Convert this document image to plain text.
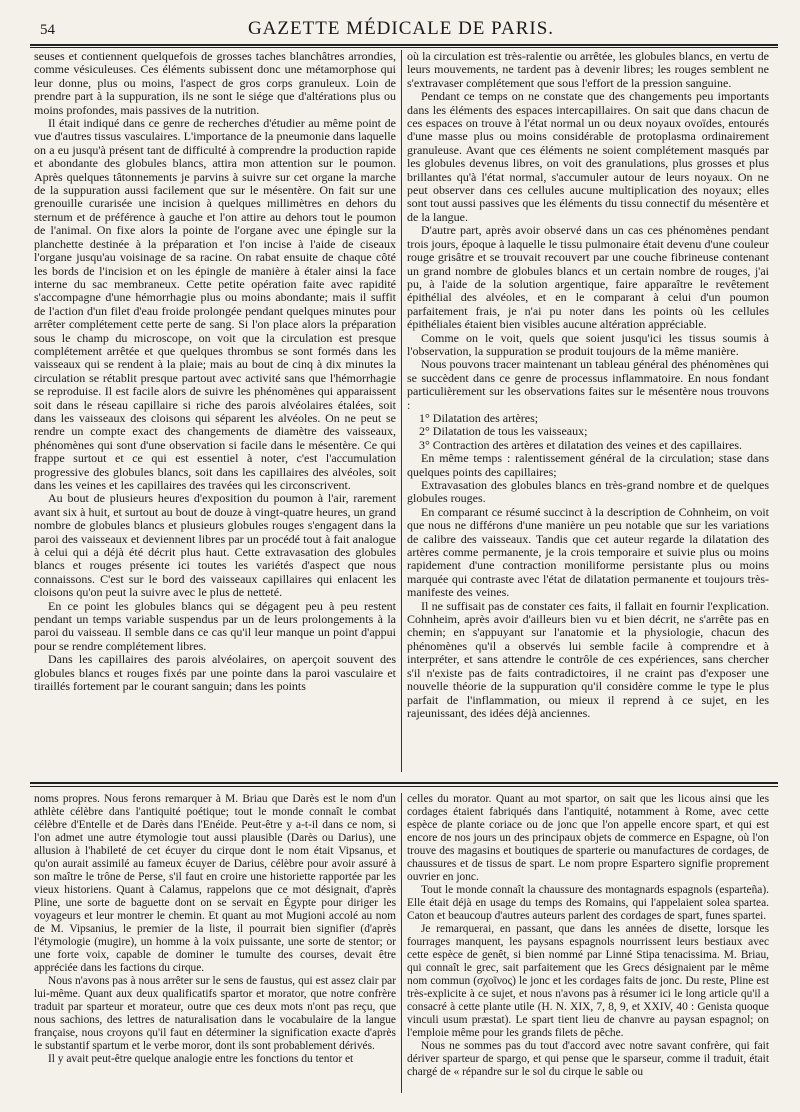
54	GAZETTE MÉDICALE DE PARIS.

seuses et contiennent quelquefois de grosses taches blanchâtres arrondies, comme vésiculeuses. Ces éléments subissent donc une métamorphose qui leur donne, plus ou moins, l'aspect de gros corps granuleux. Loin de prendre part à la suppuration, ils ne sont le siége que d'altérations plus ou moins profondes, mais passives de la nutrition.

Il était indiqué dans ce genre de recherches d'étudier au même point de vue d'autres tissus vasculaires. L'importance de la pneumonie dans laquelle on a eu jusqu'à présent tant de difficulté à comprendre la production rapide et abondante des globules blancs, attira mon attention sur le poumon. Après quelques tâtonnements je parvins à suivre sur cet organe la marche de la suppuration aussi facilement que sur le mésentère. On fait sur une grenouille curarisée une incision à quelques millimètres en dehors du sternum et de préférence à gauche et l'on attire au dehors tout le poumon de l'animal. On fixe alors la pointe de l'organe avec une épingle sur la planchette destinée à la préparation et l'on incise à l'aide de ciseaux l'organe jusqu'au voisinage de sa racine. On rabat ensuite de chaque côté les bords de l'incision et on les épingle de manière à étaler ainsi la face interne du sac membraneux. Cette petite opération faite avec rapidité s'accompagne d'une hémorrhagie plus ou moins abondante; mais il suffit de l'action d'un filet d'eau froide prolongée pendant quelques minutes pour arrêter complétement cette perte de sang. Si l'on place alors la préparation sous le champ du microscope, on voit que la circulation est presque complétement arrêtée et que quelques thrombus se sont formés dans les vaisseaux qui se rendent à la plaie; mais au bout de cinq à dix minutes la circulation se rétablit presque partout avec activité sans que l'hémorrhagie se reproduise. Il est facile alors de suivre les phénomènes qui apparaissent soit dans le réseau capillaire si riche des parois alvéolaires étalées, soit dans les vaisseaux des cloisons qui séparent les alvéoles. On ne peut se rendre un compte exact des changements de diamètre des vaisseaux, phénomènes qui sont d'une observation si facile dans le mésentère. Ce qui frappe surtout et ce qui est essentiel à noter, c'est l'accumulation progressive des globules blancs, soit dans les capillaires des alvéoles, soit dans les veines et les capillaires des travées qui les circonscrivent.

Au bout de plusieurs heures d'exposition du poumon à l'air, rarement avant six à huit, et surtout au bout de douze à vingt-quatre heures, un grand nombre de globules blancs et plusieurs globules rouges s'engagent dans la paroi des vaisseaux et deviennent libres par un procédé tout à fait analogue à celui qui a déjà été décrit plus haut. Cette extravasation des globules blancs et rouges présente ici toutes les variétés d'aspect que nous connaissons. C'est sur le bord des vaisseaux capillaires qui enlacent les cloisons qu'on peut la suivre avec le plus de netteté.

En ce point les globules blancs qui se dégagent peu à peu restent pendant un temps variable suspendus par un de leurs prolongements à la paroi du vaisseau. Il semble dans ce cas qu'il leur manque un point d'appui pour se rendre complétement libres.

Dans les capillaires des parois alvéolaires, on aperçoit souvent des globules blancs et rouges fixés par une pointe dans la paroi vasculaire et tiraillés fortement par le courant sanguin; dans les points

où la circulation est très-ralentie ou arrêtée, les globules blancs, en vertu de leurs mouvements, ne tardent pas à devenir libres; les rouges semblent ne s'extravaser complétement que sous l'effort de la pression sanguine.

Pendant ce temps on ne constate que des changements peu importants dans les éléments des espaces intercapillaires. On sait que dans chacun de ces espaces on trouve à l'état normal un ou deux noyaux ovoïdes, entourés d'une masse plus ou moins considérable de protoplasma ordinairement granuleuse. Avant que ces éléments ne soient complétement masqués par les globules devenus libres, on voit des granulations, plus grosses et plus brillantes qu'à l'état normal, s'accumuler autour de leurs noyaux. On ne peut observer dans ces cellules aucune multiplication des noyaux; elles sont tout aussi passives que les éléments du tissu connectif du mésentère et de la langue.

D'autre part, après avoir observé dans un cas ces phénomènes pendant trois jours, époque à laquelle le tissu pulmonaire était devenu d'une couleur rouge grisâtre et se trouvait recouvert par une couche fibrineuse contenant un grand nombre de globules blancs et un certain nombre de rouges, j'ai pu, à l'aide de la solution argentique, faire apparaître le revêtement épithélial des alvéoles, et en le comparant à celui d'un poumon parfaitement frais, je n'ai pu noter dans les points où les cellules épithéliales étaient bien visibles aucune altération appréciable.

Comme on le voit, quels que soient jusqu'ici les tissus soumis à l'observation, la suppuration se produit toujours de la même manière.

Nous pouvons tracer maintenant un tableau général des phénomènes qui se succèdent dans ce genre de processus inflammatoire. En nous fondant particulièrement sur les observations faites sur le mésentère nous trouvons :

1° Dilatation des artères;

2° Dilatation de tous les vaisseaux;

3° Contraction des artères et dilatation des veines et des capillaires.

En même temps : ralentissement général de la circulation; stase dans quelques points des capillaires;

Extravasation des globules blancs en très-grand nombre et de quelques globules rouges.

En comparant ce résumé succinct à la description de Cohnheim, on voit que nous ne différons d'une manière un peu notable que sur les variations de calibre des vaisseaux. Tandis que cet auteur regarde la dilatation des artères comme permanente, je la crois temporaire et suivie plus ou moins rapidement d'une contraction moniliforme persistante plus ou moins marquée qui contraste avec l'état de dilatation permanente et toujours très-manifeste des veines.

Il ne suffisait pas de constater ces faits, il fallait en fournir l'explication. Cohnheim, après avoir d'ailleurs bien vu et bien décrit, ne s'arrête pas en chemin; en s'appuyant sur l'anatomie et la physiologie, chacun des phénomènes qu'il a observés lui semble facile à comprendre et à interpréter, et sans attendre le contrôle de ces expériences, sans chercher s'il n'existe pas de faits contradictoires, il ne craint pas d'exposer une nouvelle théorie de la suppuration qu'il considère comme le type le plus parfait de l'inflammation, ou mieux il reprend à ce sujet, en les rajeunissant, des idées déjà anciennes.

noms propres. Nous ferons remarquer à M. Briau que Darès est le nom d'un athlète célèbre dans l'antiquité poétique; tout le monde connaît le combat célèbre d'Entelle et de Darès dans l'Enéide. Peut-être y a-t-il dans ce nom, si l'on admet une autre étymologie tout aussi plausible (Darès ou Darius), une allusion à l'habileté de cet écuyer du cirque dont le nom était Vipsanus, et qu'on aurait assimilé au fameux écuyer de Darius, célèbre pour avoir assuré à son maître le trône de Perse, s'il faut en croire une historiette rapportée par les vieux historiens. Quant à Calamus, rappelons que ce mot désignait, d'après Pline, une sorte de baguette dont on se servait en Égypte pour diriger les voyageurs et leur montrer le chemin. Et quant au mot Mugioni accolé au nom de M. Vipsanius, le premier de la liste, il pourrait bien signifier (d'après l'étymologie (mugire), un homme à la voix puissante, une sorte de stentor; or une forte voix, capable de dominer le tumulte des courses, devait être appréciée dans les factions du cirque.

Nous n'avons pas à nous arrêter sur le sens de faustus, qui est assez clair par lui-même. Quant aux deux qualificatifs spartor et morator, que notre confrère traduit par sparteur et morateur, outre que ces deux mots n'ont pas reçu, que nous sachions, des lettres de naturalisation dans le vocabulaire de la langue française, nous croyons qu'il faut en déterminer la signification exacte d'après le substantif spartum et le verbe moror, dont ils sont probablement dérivés.

Il y avait peut-être quelque analogie entre les fonctions du tentor et

celles du morator. Quant au mot spartor, on sait que les licous ainsi que les cordages étaient fabriqués dans l'antiquité, notamment à Rome, avec cette espèce de plante coriace ou de jonc que l'on appelle encore spart, et qui est encore de nos jours un des principaux objets de commerce en Espagne, où l'on trouve des magasins et boutiques de sparterie ou manufactures de cordages, de chaussures et de tissus de spart. Le nom propre Espartero signifie proprement ouvrier en jonc.

Tout le monde connaît la chaussure des montagnards espagnols (esparteña). Elle était déjà en usage du temps des Romains, qui l'appelaient solea spartea. Caton et beaucoup d'autres auteurs parlent des cordages de spart, funes spartei.

Je remarquerai, en passant, que dans les années de disette, lorsque les fourrages manquent, les paysans espagnols nourrissent leurs bestiaux avec cette espèce de genêt, si bien nommé par Linné Stipa tenacissima. M. Briau, qui connaît le grec, sait parfaitement que les Grecs désignaient par le même nom commun (σχοῖνος) le jonc et les cordages faits de jonc. Du reste, Pline est très-explicite à ce sujet, et nous n'avons pas à résumer ici le long article qu'il a consacré à cette plante utile (H. N. XIX, 7, 8, 9, et XXIV, 40 : Genista quoque vinculi usum præstat). Le spart tient lieu de chanvre au paysan espagnol; on l'emploie même pour les grands filets de pêche.

Nous ne sommes pas du tout d'accord avec notre savant confrère, qui fait dériver sparteur de spargo, et qui pense que le sparseur, comme il traduit, était chargé de « répandre sur le sol du cirque le sable ou
